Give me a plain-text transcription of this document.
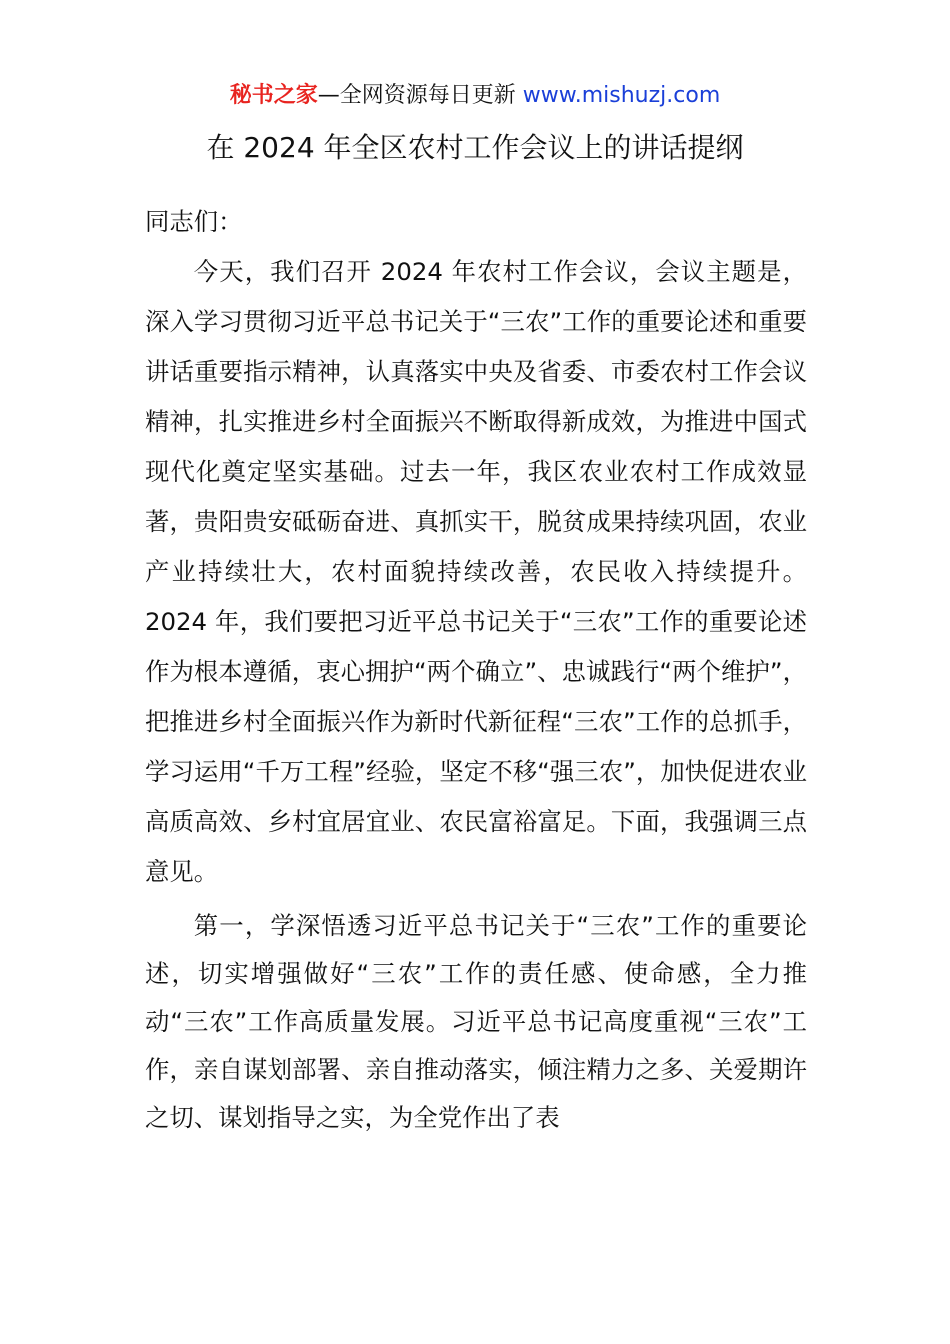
秘书之家—全网资源每日更新 www.mishuzj.com
在 2024 年全区农村工作会议上的讲话提纲

同志们：

今天，我们召开 2024 年农村工作会议，会议主题是，深入学习贯彻习近平总书记关于“三农”工作的重要论述和重要讲话重要指示精神，认真落实中央及省委、市委农村工作会议精神，扎实推进乡村全面振兴不断取得新成效，为推进中国式现代化奠定坚实基础。过去一年，我区农业农村工作成效显著，贵阳贵安砥砺奋进、真抓实干，脱贫成果持续巩固，农业产业持续壮大，农村面貌持续改善，农民收入持续提升。2024 年，我们要把习近平总书记关于“三农”工作的重要论述作为根本遵循，衷心拥护“两个确立”、忠诚践行“两个维护”，把推进乡村全面振兴作为新时代新征程“三农”工作的总抓手，学习运用“千万工程”经验，坚定不移“强三农”，加快促进农业高质高效、乡村宜居宜业、农民富裕富足。下面，我强调三点意见。

第一，学深悟透习近平总书记关于“三农”工作的重要论述，切实增强做好“三农”工作的责任感、使命感，全力推动“三农”工作高质量发展。习近平总书记高度重视“三农”工作，亲自谋划部署、亲自推动落实，倾注精力之多、关爱期许之切、谋划指导之实，为全党作出了表
